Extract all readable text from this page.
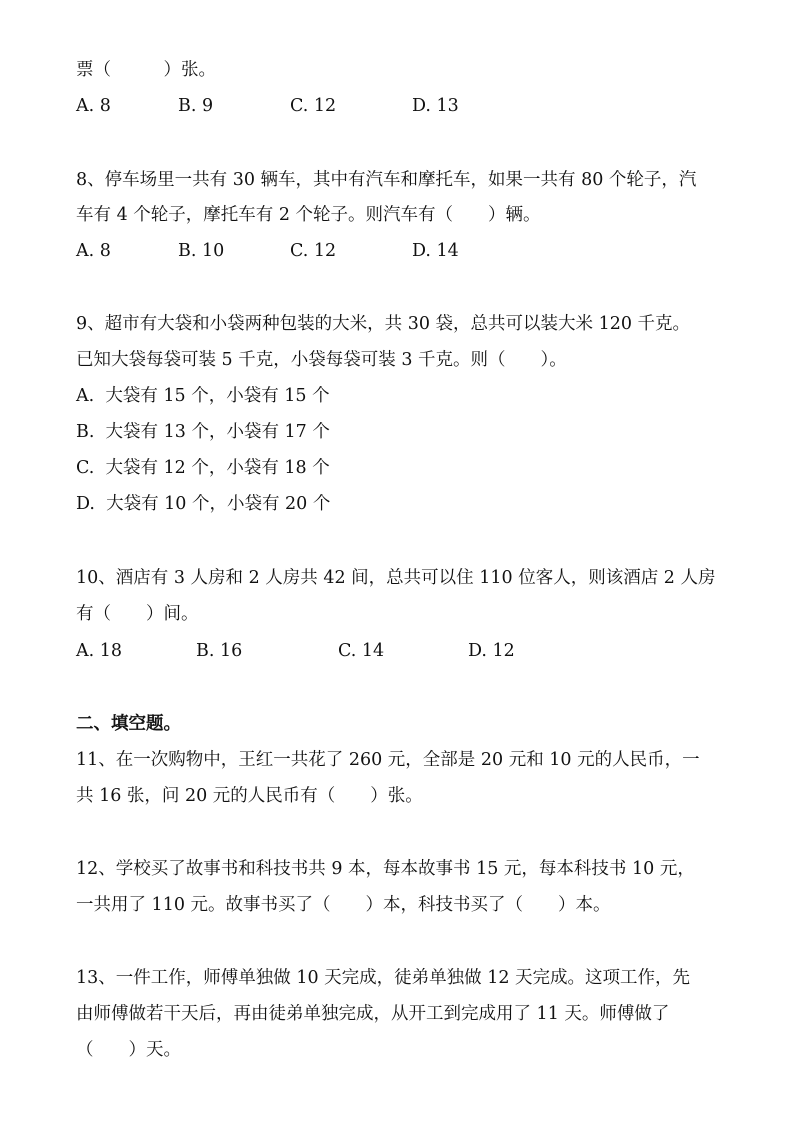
票（　　　）张。
A. 8	B. 9	C. 12	D. 13
8、停车场里一共有 30 辆车，其中有汽车和摩托车，如果一共有 80 个轮子，汽
车有 4 个轮子，摩托车有 2 个轮子。则汽车有（　　）辆。
A. 8	B. 10	C. 12	D. 14
9、超市有大袋和小袋两种包装的大米，共 30 袋，总共可以装大米 120 千克。
已知大袋每袋可装 5 千克，小袋每袋可装 3 千克。则（　　）。
A.  大袋有 15 个，小袋有 15 个
B.  大袋有 13 个，小袋有 17 个
C.  大袋有 12 个，小袋有 18 个
D.  大袋有 10 个，小袋有 20 个
10、酒店有 3 人房和 2 人房共 42 间，总共可以住 110 位客人，则该酒店 2 人房
有（　　）间。
A. 18	B. 16	C. 14	D. 12
二、填空题。
11、在一次购物中，王红一共花了 260 元，全部是 20 元和 10 元的人民币，一
共 16 张，问 20 元的人民币有（　　）张。
12、学校买了故事书和科技书共 9 本，每本故事书 15 元，每本科技书 10 元，
一共用了 110 元。故事书买了（　　）本，科技书买了（　　）本。
13、一件工作，师傅单独做 10 天完成，徒弟单独做 12 天完成。这项工作，先
由师傅做若干天后，再由徒弟单独完成，从开工到完成用了 11 天。师傅做了
（　　）天。
